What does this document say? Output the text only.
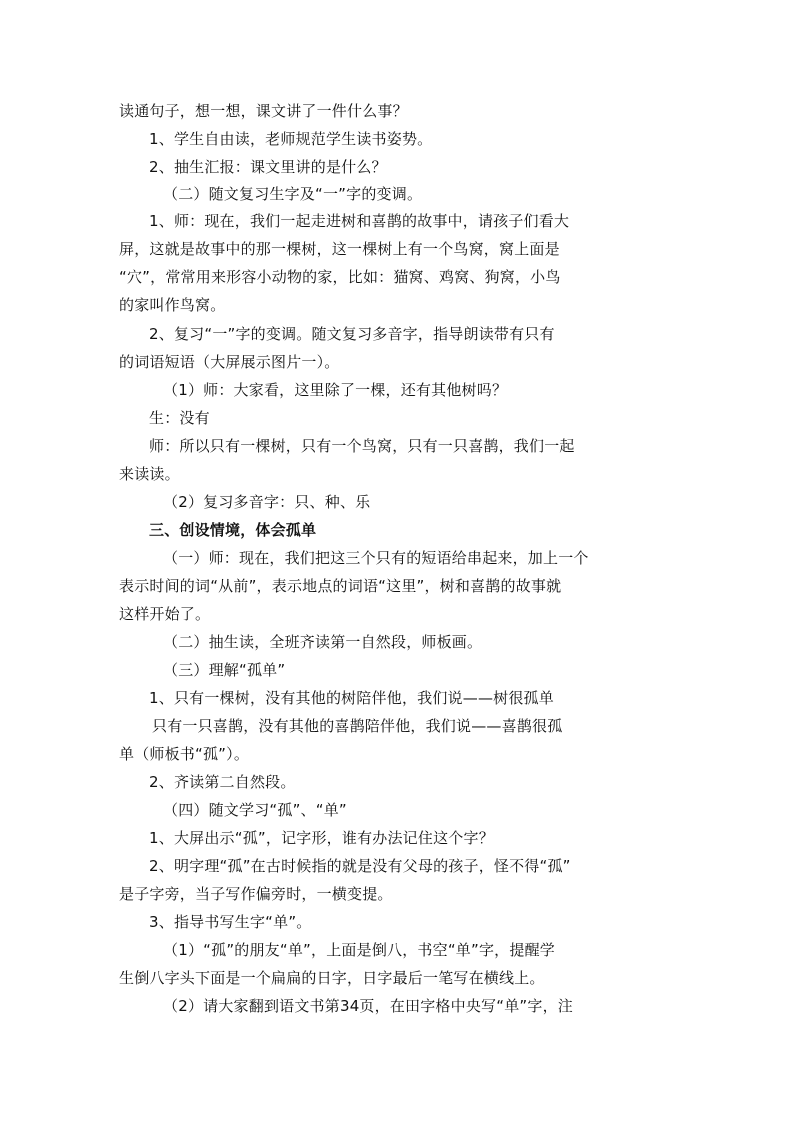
读通句子，想一想，课文讲了一件什么事？
1、学生自由读，老师规范学生读书姿势。
2、抽生汇报：课文里讲的是什么？
（二）随文复习生字及“一”字的变调。
1、师：现在，我们一起走进树和喜鹊的故事中，请孩子们看大
屏，这就是故事中的那一棵树，这一棵树上有一个鸟窝，窝上面是
“穴”，常常用来形容小动物的家，比如：猫窝、鸡窝、狗窝，小鸟
的家叫作鸟窝。
2、复习“一”字的变调。随文复习多音字，指导朗读带有只有
的词语短语（大屏展示图片一）。
（1）师：大家看，这里除了一棵，还有其他树吗？
生：没有
师：所以只有一棵树，只有一个鸟窝，只有一只喜鹊，我们一起
来读读。
（2）复习多音字：只、种、乐
三、创设情境，体会孤单
（一）师：现在，我们把这三个只有的短语给串起来，加上一个
表示时间的词“从前”，表示地点的词语“这里”，树和喜鹊的故事就
这样开始了。
（二）抽生读，全班齐读第一自然段，师板画。
（三）理解“孤单”
1、只有一棵树，没有其他的树陪伴他，我们说——树很孤单
只有一只喜鹊，没有其他的喜鹊陪伴他，我们说——喜鹊很孤
单（师板书“孤”）。
2、齐读第二自然段。
（四）随文学习“孤”、“单”
1、大屏出示“孤”，记字形，谁有办法记住这个字？
2、明字理“孤”在古时候指的就是没有父母的孩子，怪不得“孤”
是子字旁，当子写作偏旁时，一横变提。
3、指导书写生字“单”。
（1）“孤”的朋友“单”，上面是倒八，书空“单”字，提醒学
生倒八字头下面是一个扁扁的日字，日字最后一笔写在横线上。
（2）请大家翻到语文书第34页，在田字格中央写“单”字，注
